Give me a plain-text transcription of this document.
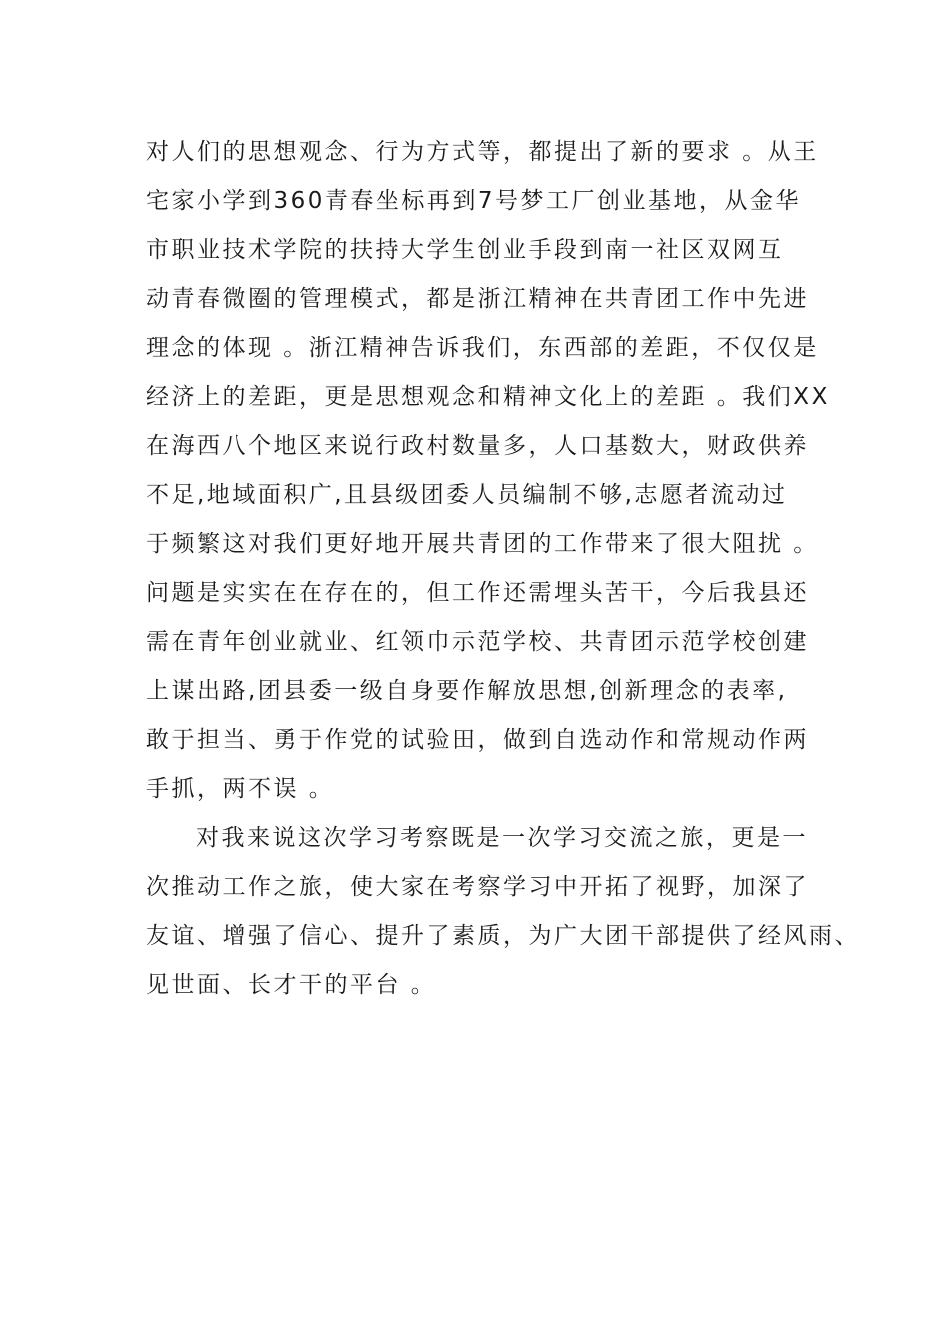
对人们的思想观念、行为方式等，都提出了新的要求 。从王
宅家小学到360青春坐标再到7号梦工厂创业基地，从金华
市职业技术学院的扶持大学生创业手段到南一社区双网互
动青春微圈的管理模式，都是浙江精神在共青团工作中先进
理念的体现 。浙江精神告诉我们，东西部的差距，不仅仅是
经济上的差距，更是思想观念和精神文化上的差距 。我们XX
在海西八个地区来说行政村数量多，人口基数大，财政供养
不足,地域面积广,且县级团委人员编制不够,志愿者流动过
于频繁这对我们更好地开展共青团的工作带来了很大阻扰 。
问题是实实在在存在的，但工作还需埋头苦干，今后我县还
需在青年创业就业、红领巾示范学校、共青团示范学校创建
上谋出路,团县委一级自身要作解放思想,创新理念的表率,
敢于担当、勇于作党的试验田，做到自选动作和常规动作两
手抓，两不误 。
对我来说这次学习考察既是一次学习交流之旅，更是一
次推动工作之旅，使大家在考察学习中开拓了视野，加深了
友谊、增强了信心、提升了素质，为广大团干部提供了经风雨、
见世面、长才干的平台 。
